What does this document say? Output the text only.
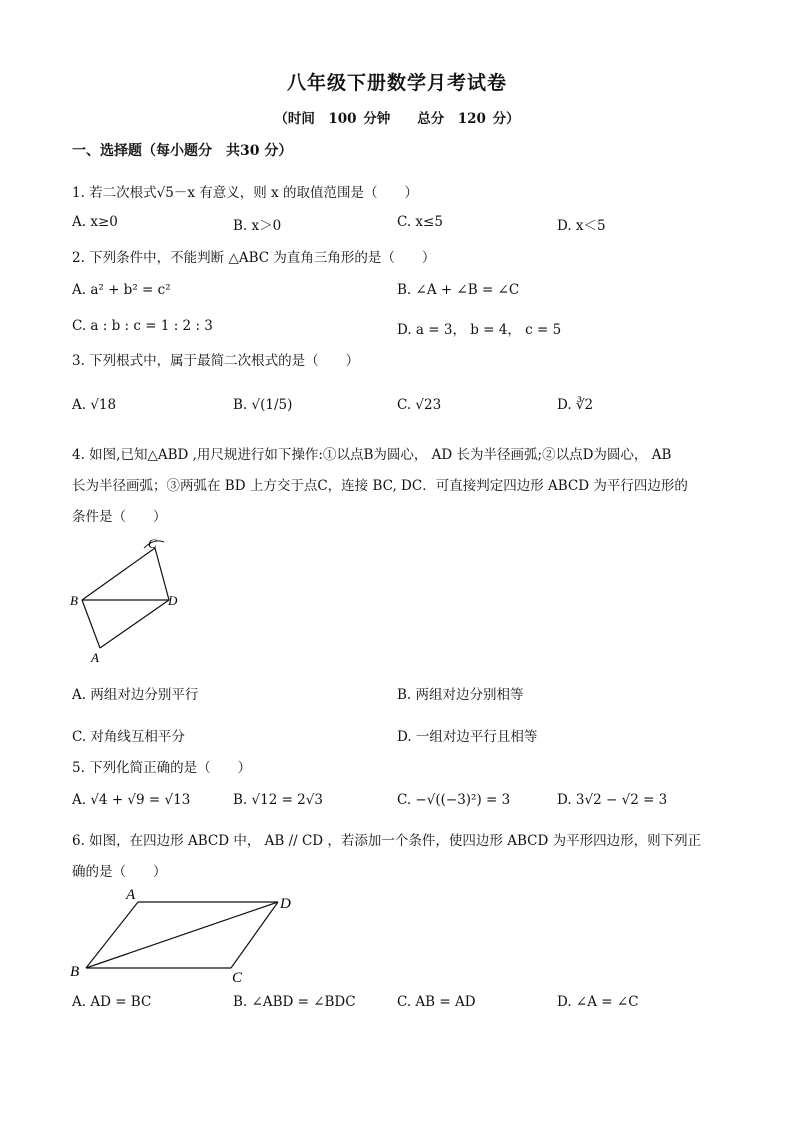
八年级下册数学月考试卷
（时间　100 分钟　　总分　120 分）
一、选择题（每小题分　共30 分）
1. 若二次根式√5－x 有意义，则 x 的取值范围是（　　）
A. x≥0	B. x＞0	C. x≤5	D. x＜5
2. 下列条件中，不能判断 △ABC 为直角三角形的是（　　）
A. a² + b² = c²	B. ∠A + ∠B = ∠C
C. a : b : c = 1 : 2 : 3	D. a = 3， b = 4， c = 5
3. 下列根式中，属于最简二次根式的是（　　）
A. √18	B. √(1/5)	C. √23	D. ∛2
4. 如图,已知△ABD ,用尺规进行如下操作:①以点B为圆心， AD 长为半径画弧;②以点D为圆心， AB
长为半径画弧；③两弧在 BD 上方交于点C，连接 BC, DC．可直接判定四边形 ABCD 为平行四边形的
条件是（　　）
C
B	D
A
A. 两组对边分别平行	B. 两组对边分别相等
C. 对角线互相平分	D. 一组对边平行且相等
5. 下列化简正确的是（　　）
A. √4 + √9 = √13	B. √12 = 2√3	C. −√((−3)²) = 3	D. 3√2 − √2 = 3
6. 如图，在四边形 ABCD 中， AB // CD ，若添加一个条件，使四边形 ABCD 为平形四边形，则下列正
确的是（　　）
A
D
B	C
A. AD = BC	B. ∠ABD = ∠BDC	C. AB = AD	D. ∠A = ∠C
